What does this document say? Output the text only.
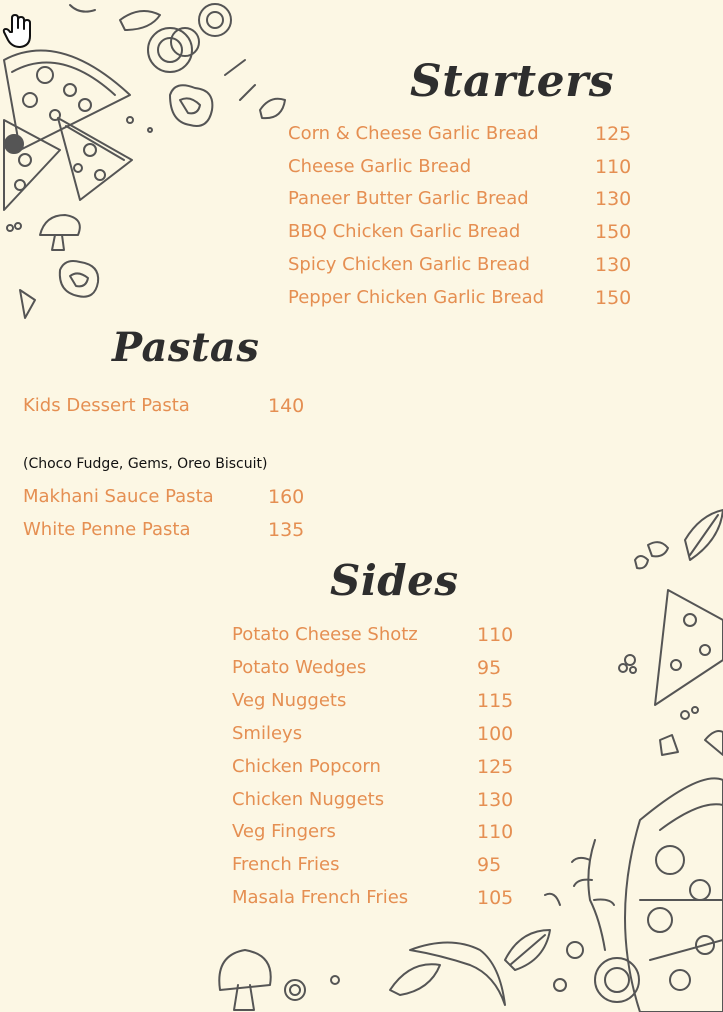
Starters
Pastas
Sides
Corn & Cheese Garlic Bread	125
Cheese Garlic Bread	110
Paneer Butter Garlic Bread	130
BBQ Chicken Garlic Bread	150
Spicy Chicken Garlic Bread	130
Pepper Chicken Garlic Bread	150
Kids Dessert Pasta	140
Makhani Sauce Pasta	160
White Penne Pasta	135
(Choco Fudge, Gems, Oreo Biscuit)
Potato Cheese Shotz	110
Potato Wedges	95
Veg Nuggets	115
Smileys	100
Chicken Popcorn	125
Chicken Nuggets	130
Veg Fingers	110
French Fries	95
Masala French Fries	105
